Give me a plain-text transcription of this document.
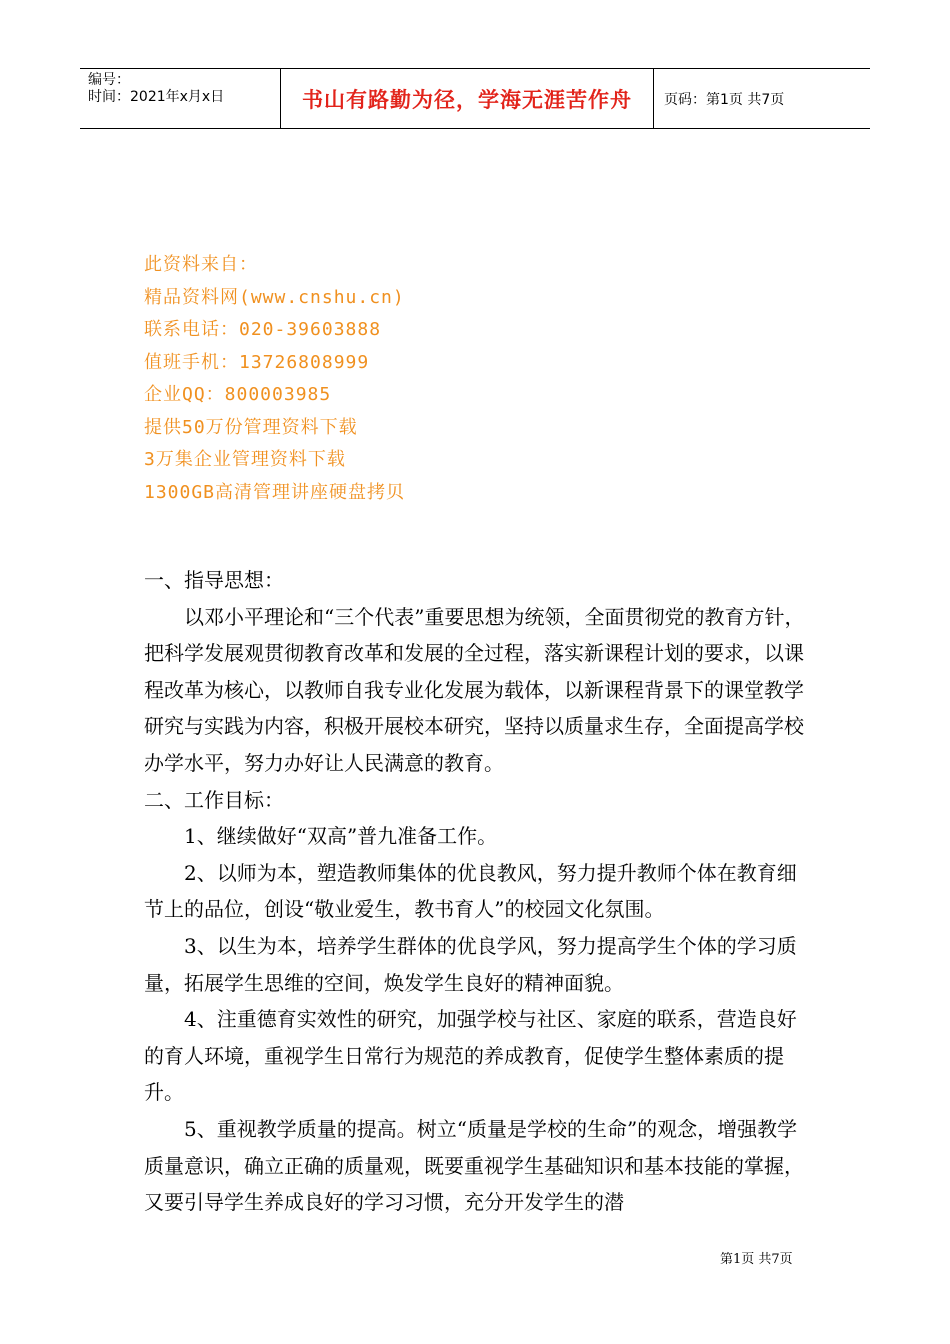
编号：
时间：2021年x月x日	书山有路勤为径，学海无涯苦作舟 页码：第1页 共7页
此资料来自：
精品资料网(www.cnshu.cn)
联系电话：020-39603888
值班手机：13726808999
企业QQ：800003985
提供50万份管理资料下载
3万集企业管理资料下载
1300GB高清管理讲座硬盘拷贝

一、指导思想：

以邓小平理论和“三个代表”重要思想为统领，全面贯彻党的教育方针，把科学发展观贯彻教育改革和发展的全过程，落实新课程计划的要求，以课程改革为核心，以教师自我专业化发展为载体，以新课程背景下的课堂教学研究与实践为内容，积极开展校本研究，坚持以质量求生存，全面提高学校办学水平，努力办好让人民满意的教育。

二、工作目标：

1、继续做好“双高”普九准备工作。

2、以师为本，塑造教师集体的优良教风，努力提升教师个体在教育细节上的品位，创设“敬业爱生，教书育人”的校园文化氛围。

3、以生为本，培养学生群体的优良学风，努力提高学生个体的学习质量，拓展学生思维的空间，焕发学生良好的精神面貌。

4、注重德育实效性的研究，加强学校与社区、家庭的联系，营造良好的育人环境，重视学生日常行为规范的养成教育，促使学生整体素质的提升。

5、重视教学质量的提高。树立“质量是学校的生命”的观念，增强教学质量意识，确立正确的质量观，既要重视学生基础知识和基本技能的掌握，又要引导学生养成良好的学习习惯，充分开发学生的潜

第1页 共7页
